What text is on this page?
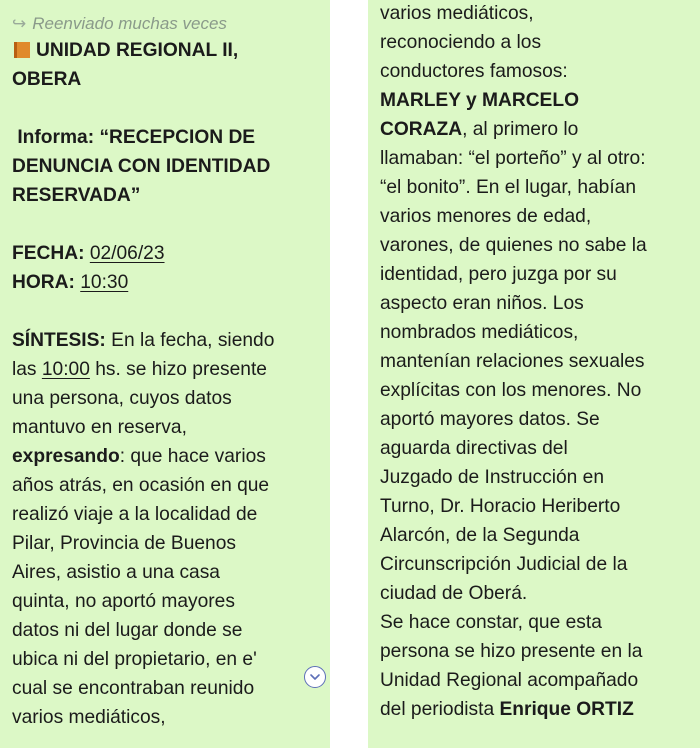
↩ Reenviado muchas veces
UNIDAD REGIONAL II,
OBERA
Informa: “RECEPCION DE
DENUNCIA CON IDENTIDAD
RESERVADA”
FECHA: 02/06/23
HORA: 10:30
SÍNTESIS: En la fecha, siendo
las 10:00 hs. se hizo presente
una persona, cuyos datos
mantuvo en reserva,
expresando: que hace varios
años atrás, en ocasión en que
realizó viaje a la localidad de
Pilar, Provincia de Buenos
Aires, asistio a una casa
quinta, no aportó mayores
datos ni del lugar donde se
ubica ni del propietario, en e'
cual se encontraban reunido
varios mediáticos,
varios mediáticos,
reconociendo a los
conductores famosos:
MARLEY y MARCELO
CORAZA, al primero lo
llamaban: “el porteño” y al otro:
“el bonito”. En el lugar, habían
varios menores de edad,
varones, de quienes no sabe la
identidad, pero juzga por su
aspecto eran niños. Los
nombrados mediáticos,
mantenían relaciones sexuales
explícitas con los menores. No
aportó mayores datos. Se
aguarda directivas del
Juzgado de Instrucción en
Turno, Dr. Horacio Heriberto
Alarcón, de la Segunda
Circunscripción Judicial de la
ciudad de Oberá.
Se hace constar, que esta
persona se hizo presente en la
Unidad Regional acompañado
del periodista Enrique ORTIZ
